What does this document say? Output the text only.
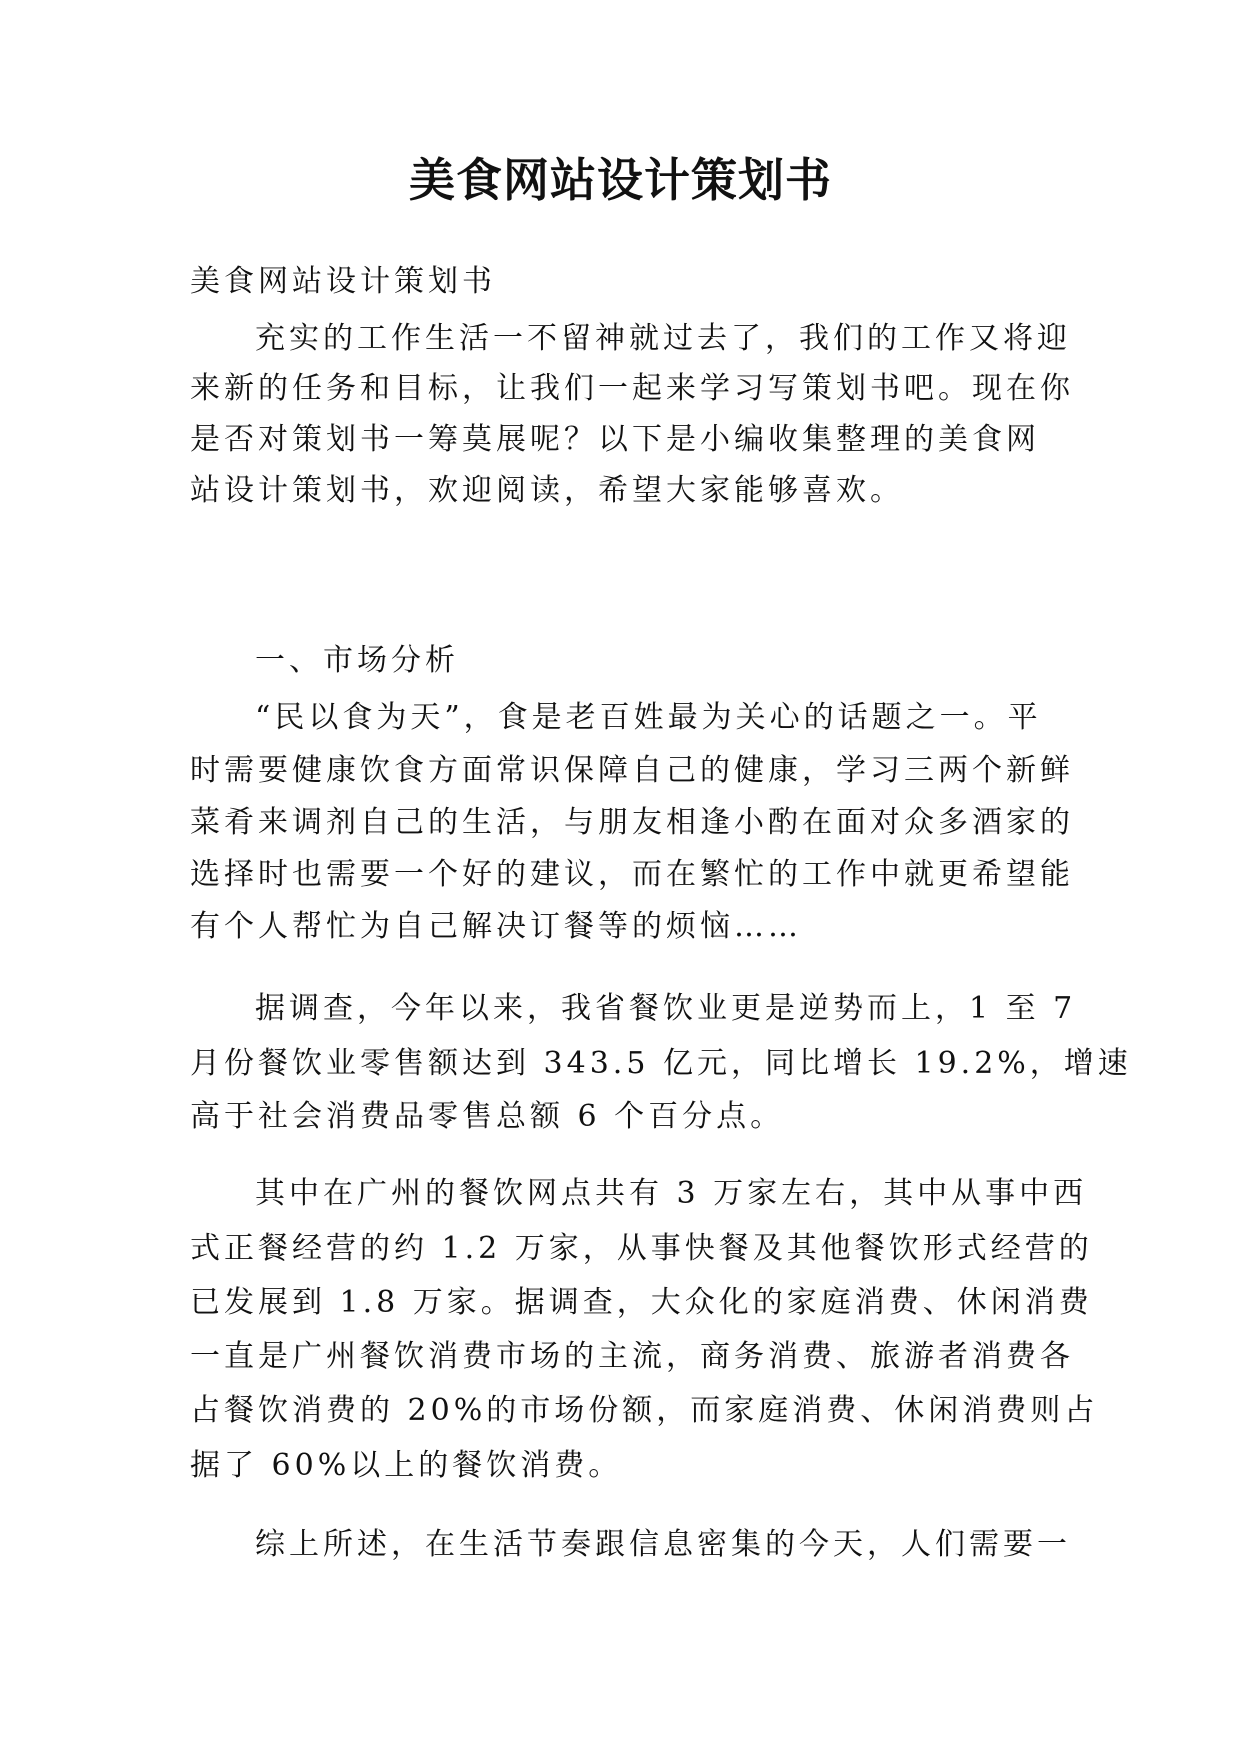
美食网站设计策划书
美食网站设计策划书
充实的工作生活一不留神就过去了，我们的工作又将迎
来新的任务和目标，让我们一起来学习写策划书吧。现在你
是否对策划书一筹莫展呢？以下是小编收集整理的美食网
站设计策划书，欢迎阅读，希望大家能够喜欢。
一、市场分析
“民以食为天”，食是老百姓最为关心的话题之一。平
时需要健康饮食方面常识保障自己的健康，学习三两个新鲜
菜肴来调剂自己的生活，与朋友相逢小酌在面对众多酒家的
选择时也需要一个好的建议，而在繁忙的工作中就更希望能
有个人帮忙为自己解决订餐等的烦恼……
据调查，今年以来，我省餐饮业更是逆势而上，1 至 7
月份餐饮业零售额达到 343.5 亿元，同比增长 19.2%，增速
高于社会消费品零售总额 6 个百分点。
其中在广州的餐饮网点共有 3 万家左右，其中从事中西
式正餐经营的约 1.2 万家，从事快餐及其他餐饮形式经营的
已发展到 1.8 万家。据调查，大众化的家庭消费、休闲消费
一直是广州餐饮消费市场的主流，商务消费、旅游者消费各
占餐饮消费的 20%的市场份额，而家庭消费、休闲消费则占
据了 60%以上的餐饮消费。
综上所述，在生活节奏跟信息密集的今天，人们需要一
